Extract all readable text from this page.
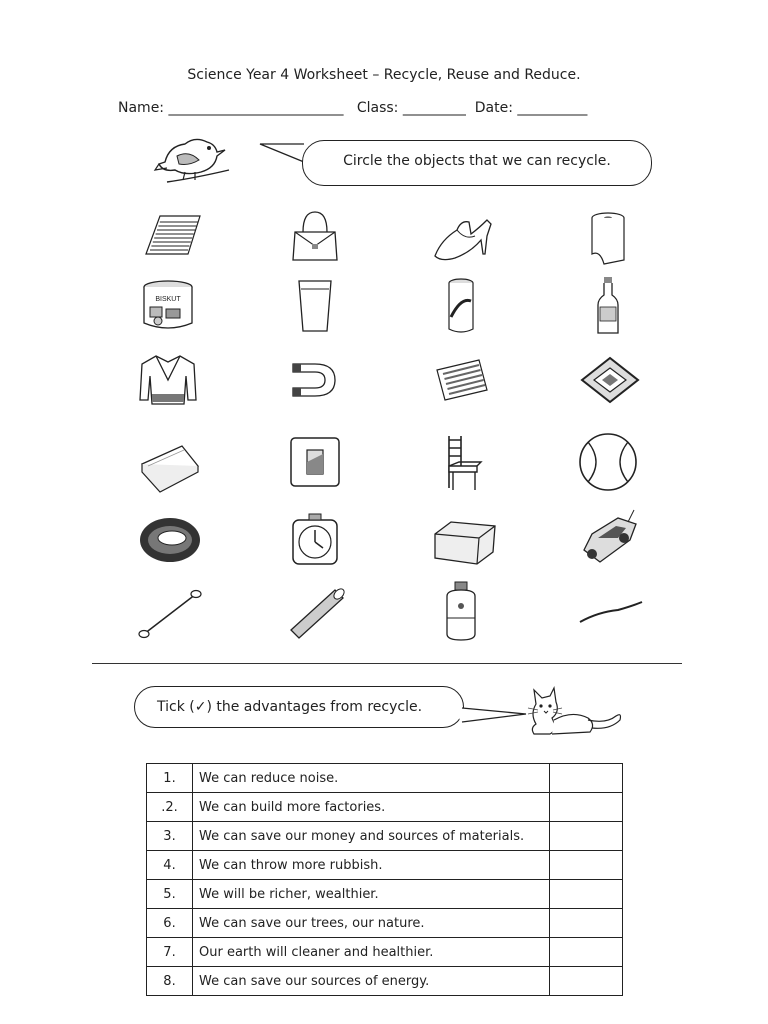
Science Year 4 Worksheet – Recycle, Reuse and Reduce.
Name: _________________________ Class: _________ Date: __________
Circle the objects that we can recycle.
BISKUT
Tick (✓) the advantages from recycle.
1.	We can reduce noise.	
.2.	We can build more factories.	
3.	We can save our money and sources of materials.	
4.	We can throw more rubbish.	
5.	We will be richer, wealthier.	
6.	We can save our trees, our nature.	
7.	Our earth will cleaner and healthier.	
8.	We can save our sources of energy.	
